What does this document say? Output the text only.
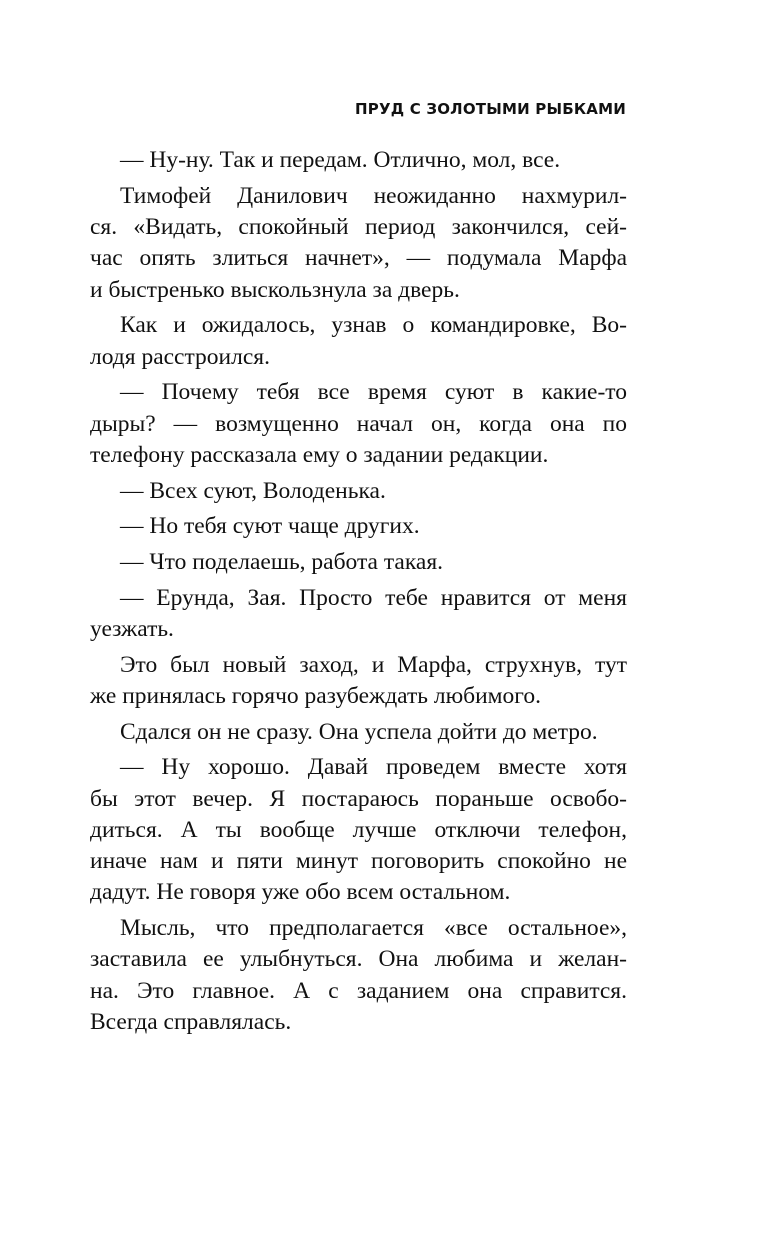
ПРУД С ЗОЛОТЫМИ РЫБКАМИ
— Ну-ну. Так и передам. Отлично, мол, все.
Тимофей Данилович неожиданно нахмурил-
ся. «Видать, спокойный период закончился, сей-
час опять злиться начнет», — подумала Марфа
и быстренько выскользнула за дверь.
Как и ожидалось, узнав о командировке, Во-
лодя расстроился.
— Почему тебя все время суют в какие-то
дыры? — возмущенно начал он, когда она по
телефону рассказала ему о задании редакции.
— Всех суют, Володенька.
— Но тебя суют чаще других.
— Что поделаешь, работа такая.
— Ерунда, Зая. Просто тебе нравится от меня
уезжать.
Это был новый заход, и Марфа, струхнув, тут
же принялась горячо разубеждать любимого.
Сдался он не сразу. Она успела дойти до метро.
— Ну хорошо. Давай проведем вместе хотя
бы этот вечер. Я постараюсь пораньше освобо-
диться. А ты вообще лучше отключи телефон,
иначе нам и пяти минут поговорить спокойно не
дадут. Не говоря уже обо всем остальном.
Мысль, что предполагается «все остальное»,
заставила ее улыбнуться. Она любима и желан-
на. Это главное. А с заданием она справится.
Всегда справлялась.
